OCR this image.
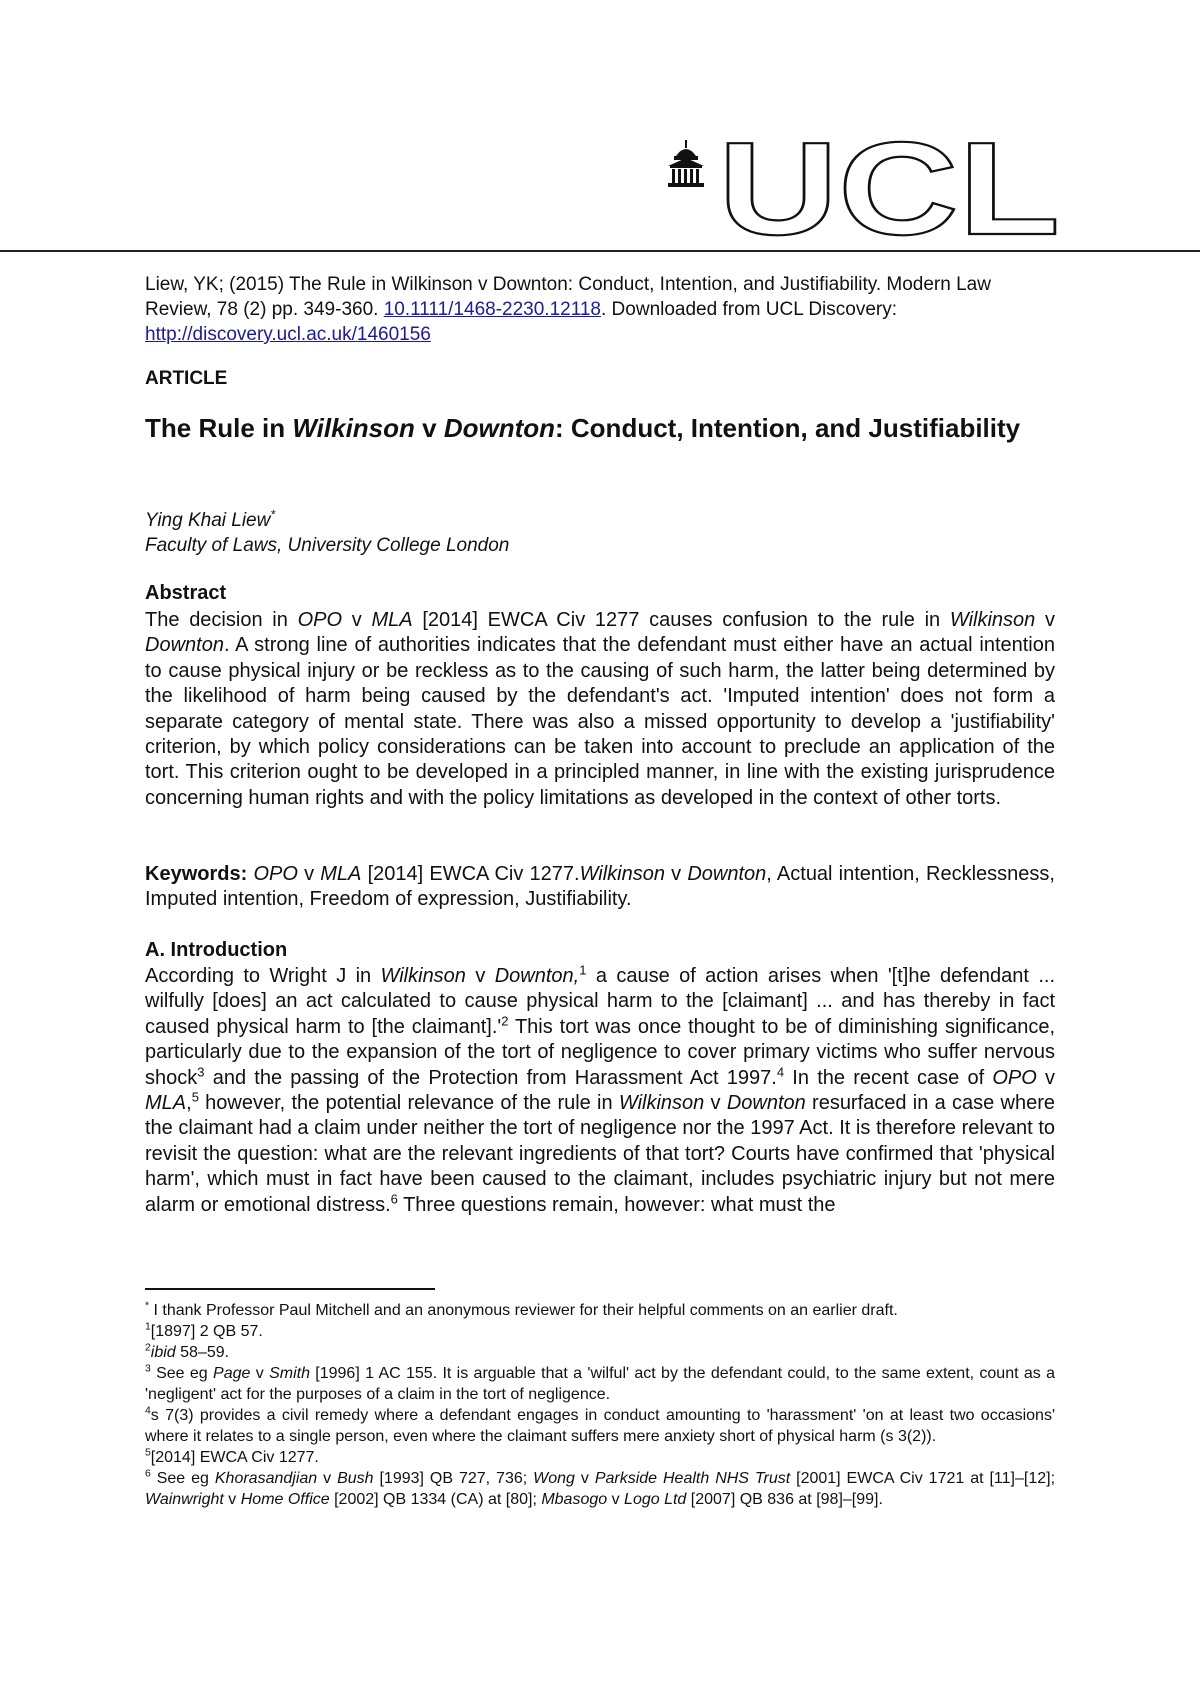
UCL
Liew, YK; (2015) The Rule in Wilkinson v Downton: Conduct, Intention, and Justifiability. Modern Law Review, 78 (2) pp. 349-360. 10.1111/1468-2230.12118. Downloaded from UCL Discovery:
http://discovery.ucl.ac.uk/1460156
ARTICLE
The Rule in Wilkinson v Downton: Conduct, Intention, and Justifiability
Ying Khai Liew*
Faculty of Laws, University College London
Abstract
The decision in OPO v MLA [2014] EWCA Civ 1277 causes confusion to the rule in Wilkinson v Downton. A strong line of authorities indicates that the defendant must either have an actual intention to cause physical injury or be reckless as to the causing of such harm, the latter being determined by the likelihood of harm being caused by the defendant's act. 'Imputed intention' does not form a separate category of mental state. There was also a missed opportunity to develop a 'justifiability' criterion, by which policy considerations can be taken into account to preclude an application of the tort. This criterion ought to be developed in a principled manner, in line with the existing jurisprudence concerning human rights and with the policy limitations as developed in the context of other torts.
Keywords: OPO v MLA [2014] EWCA Civ 1277.Wilkinson v Downton, Actual intention, Recklessness, Imputed intention, Freedom of expression, Justifiability.
A. Introduction
According to Wright J in Wilkinson v Downton,$^1$ a cause of action arises when '[t]he defendant ... wilfully [does] an act calculated to cause physical harm to the [claimant] ... and has thereby in fact caused physical harm to [the $claimant].'^2$ This tort was once thought to be of diminishing significance, particularly due to the expansion of the tort of negligence to cover primary victims who suffer nervous shock$^3$ and the passing of the Protection from Harassment Act 1997.$^4$ In the recent case of OPO v MLA,$^5$ however, the potential relevance of the rule in Wilkinson v Downton resurfaced in a case where the claimant had a claim under neither the tort of negligence nor the 1997 Act. It is therefore relevant to revisit the question: what are the relevant ingredients of that tort? Courts have confirmed that 'physical harm', which must in fact have been caused to the claimant, includes psychiatric injury but not mere alarm or emotional distress.$^6$ Three questions remain, however: what must the

* I thank Professor Paul Mitchell and an anonymous reviewer for their helpful comments on an earlier draft.

$^1$[1897] 2 QB 57.

$^2$ibid 58–59.

$^3$ See eg Page v Smith [1996] 1 AC 155. It is arguable that a 'wilful' act by the defendant could, to the same extent, count as a 'negligent' act for the purposes of a claim in the tort of negligence.

$^4$s 7(3) provides a civil remedy where a defendant engages in conduct amounting to 'harassment' 'on at least two occasions' where it relates to a single person, even where the claimant suffers mere anxiety short of physical harm (s 3(2)).

$^5$[2014] EWCA Civ 1277.

$^6$ See eg Khorasandjian v Bush [1993] QB 727, 736; Wong v Parkside Health NHS Trust [2001] EWCA Civ 1721 at [11]–[12]; Wainwright v Home Office [2002] QB 1334 (CA) at [80]; Mbasogo v Logo Ltd [2007] QB 836 at [98]–[99].
